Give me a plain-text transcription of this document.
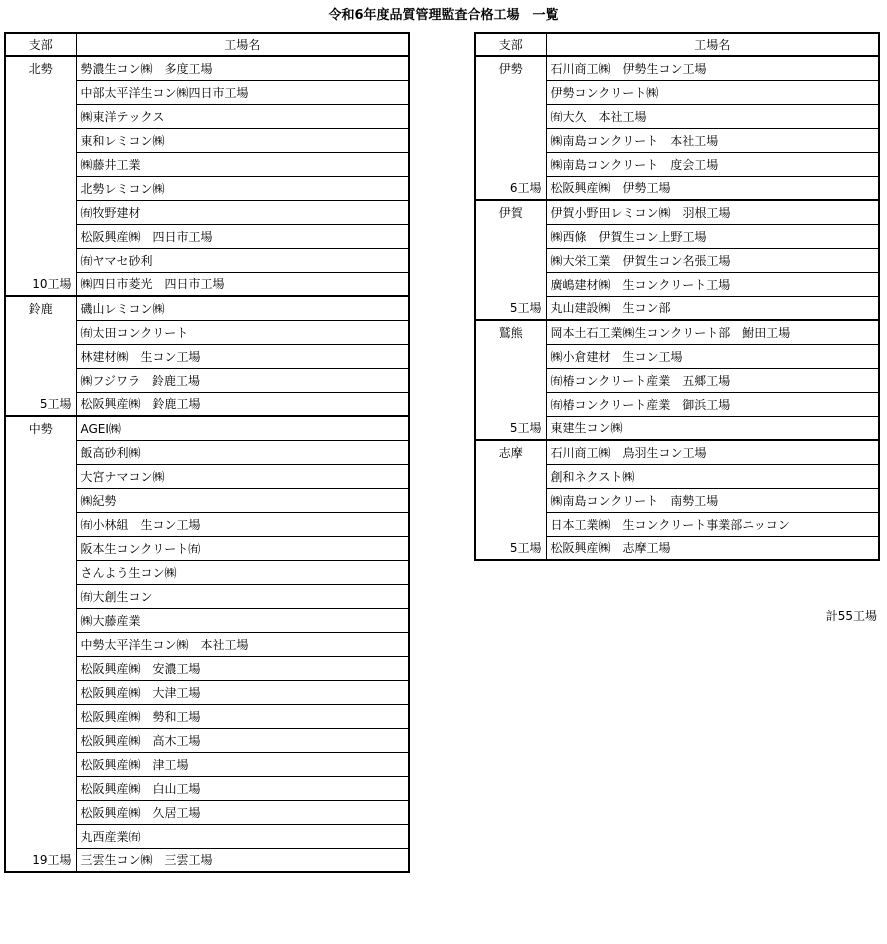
令和6年度品質管理監査合格工場　一覧
支部	工場名
北勢	勢濃生コン㈱　多度工場
	中部太平洋生コン㈱四日市工場
	㈱東洋テックス
	東和レミコン㈱
	㈱藤井工業
	北勢レミコン㈱
	㈲牧野建材
	松阪興産㈱　四日市工場
	㈲ヤマセ砂利
10工場	㈱四日市菱光　四日市工場
鈴鹿	磯山レミコン㈱
	㈲太田コンクリート
	林建材㈱　生コン工場
	㈱フジワラ　鈴鹿工場
5工場	松阪興産㈱　鈴鹿工場
中勢	AGEI㈱
	飯高砂利㈱
	大宮ナマコン㈱
	㈱紀勢
	㈲小林組　生コン工場
	阪本生コンクリート㈲
	さんよう生コン㈱
	㈲大創生コン
	㈱大藤産業
	中勢太平洋生コン㈱　本社工場
	松阪興産㈱　安濃工場
	松阪興産㈱　大津工場
	松阪興産㈱　勢和工場
	松阪興産㈱　高木工場
	松阪興産㈱　津工場
	松阪興産㈱　白山工場
	松阪興産㈱　久居工場
	丸西産業㈲
19工場	三雲生コン㈱　三雲工場
支部	工場名
伊勢	石川商工㈱　伊勢生コン工場
	伊勢コンクリート㈱
	㈲大久　本社工場
	㈱南島コンクリート　本社工場
	㈱南島コンクリート　度会工場
6工場	松阪興産㈱　伊勢工場
伊賀	伊賀小野田レミコン㈱　羽根工場
	㈱西條　伊賀生コン上野工場
	㈱大栄工業　伊賀生コン名張工場
	廣嶋建材㈱　生コンクリート工場
5工場	丸山建設㈱　生コン部
鷲熊	岡本土石工業㈱生コンクリート部　鮒田工場
	㈱小倉建材　生コン工場
	㈲椿コンクリート産業　五郷工場
	㈲椿コンクリート産業　御浜工場
5工場	東建生コン㈱
志摩	石川商工㈱　鳥羽生コン工場
	創和ネクスト㈱
	㈱南島コンクリート　南勢工場
	日本工業㈱　生コンクリート事業部ニッコン
5工場	松阪興産㈱　志摩工場
計55工場
